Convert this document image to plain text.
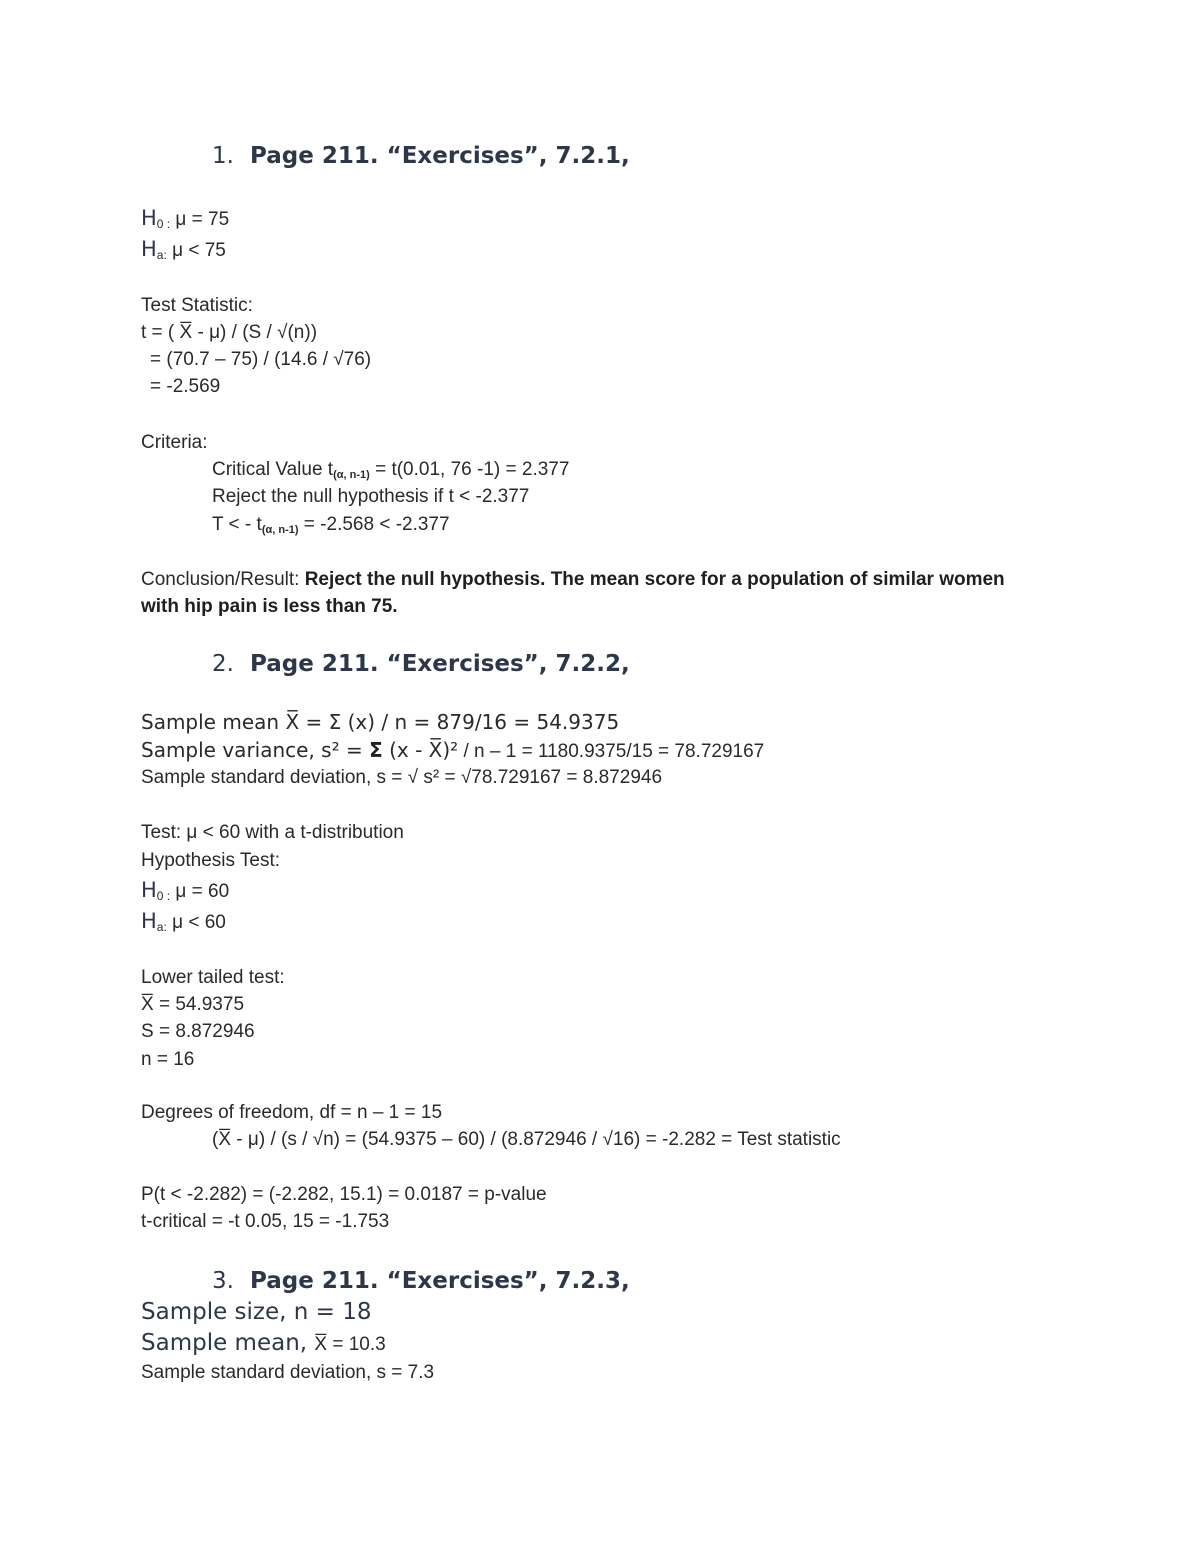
1. Page 211. “Exercises”, 7.2.1,
$H_{0 :}$ μ = 75
$H_{a:}$ μ < 75
Test Statistic:
t = ( X̅ - μ) / (S / √(n))
= (70.7 – 75) / (14.6 / √76)
= -2.569
Criteria:
Critical Value t(α, n-1) = t(0.01, 76 -1) = 2.377
Reject the null hypothesis if t < -2.377
T < - t(α, n-1) = -2.568 < -2.377
Conclusion/Result: Reject the null hypothesis. The mean score for a population of similar women with hip pain is less than 75.
2. Page 211. “Exercises”, 7.2.2,
Sample mean X̅ = Σ (x) / n = 879/16 = 54.9375
Sample variance, s² = Σ (x - X̅)² / n – 1 = 1180.9375/15 = 78.729167
Sample standard deviation, s = √ s² = √78.729167 = 8.872946
Test: μ < 60 with a t-distribution
Hypothesis Test:
$H_{0 :}$ μ = 60
$H_{a:}$ μ < 60
Lower tailed test:
X̅ = 54.9375
S = 8.872946
n = 16
Degrees of freedom, df = n – 1 = 15
(X̅ - μ) / (s / √n) = (54.9375 – 60) / (8.872946 / √16) = -2.282 = Test statistic
P(t < -2.282) = (-2.282, 15.1) = 0.0187 = p-value
t-critical = -t 0.05, 15 = -1.753
3. Page 211. “Exercises”, 7.2.3,
Sample size, n = 18
Sample mean, X̅ = 10.3
Sample standard deviation, s = 7.3
